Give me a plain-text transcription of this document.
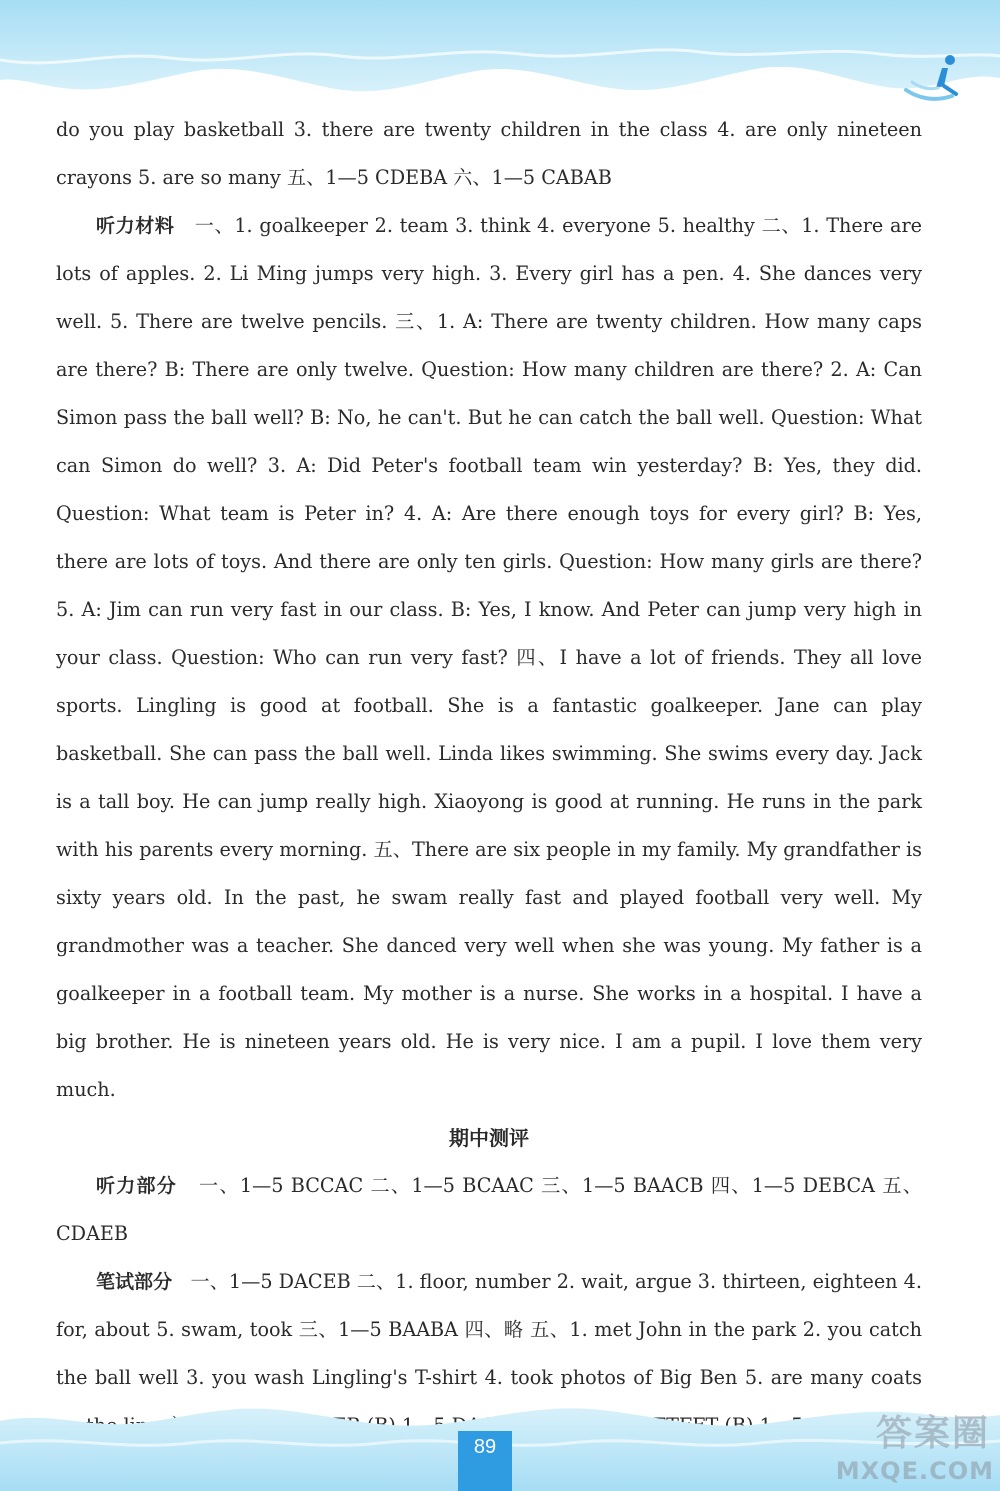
do you play basketball 3. there are twenty children in the class 4. are only nineteen crayons 5. are so many 五、1—5 CDEBA 六、1—5 CABAB

听力材料 一、1. goalkeeper 2. team 3. think 4. everyone 5. healthy 二、1. There are lots of apples. 2. Li Ming jumps very high. 3. Every girl has a pen. 4. She dances very well. 5. There are twelve pencils. 三、1. A: There are twenty children. How many caps are there? B: There are only twelve. Question: How many children are there? 2. A: Can Simon pass the ball well? B: No, he can't. But he can catch the ball well. Question: What can Simon do well? 3. A: Did Peter's football team win yesterday? B: Yes, they did. Question: What team is Peter in? 4. A: Are there enough toys for every girl? B: Yes, there are lots of toys. And there are only ten girls. Question: How many girls are there? 5. A: Jim can run very fast in our class. B: Yes, I know. And Peter can jump very high in your class. Question: Who can run very fast? 四、I have a lot of friends. They all love sports. Lingling is good at football. She is a fantastic goalkeeper. Jane can play basketball. She can pass the ball well. Linda likes swimming. She swims every day. Jack is a tall boy. He can jump really high. Xiaoyong is good at running. He runs in the park with his parents every morning. 五、There are six people in my family. My grandfather is sixty years old. In the past, he swam really fast and played football very well. My grandmother was a teacher. She danced very well when she was young. My father is a goalkeeper in a football team. My mother is a nurse. She works in a hospital. I have a big brother. He is nineteen years old. He is very nice. I am a pupil. I love them very much.

期中测评

听力部分 一、1—5 BCCAC 二、1—5 BCAAC 三、1—5 BAACB 四、1—5 DEBCA 五、CDAEB

笔试部分 一、1—5 DACEB 二、1. floor, number 2. wait, argue 3. thirteen, eighteen 4. for, about 5. swam, took 三、1—5 BAABA 四、略 五、1. met John in the park 2. you catch the ball well 3. you wash Lingling's T-shirt 4. took photos of Big Ben 5. are many coats (B)

89	答案圈
MXQE.COM
